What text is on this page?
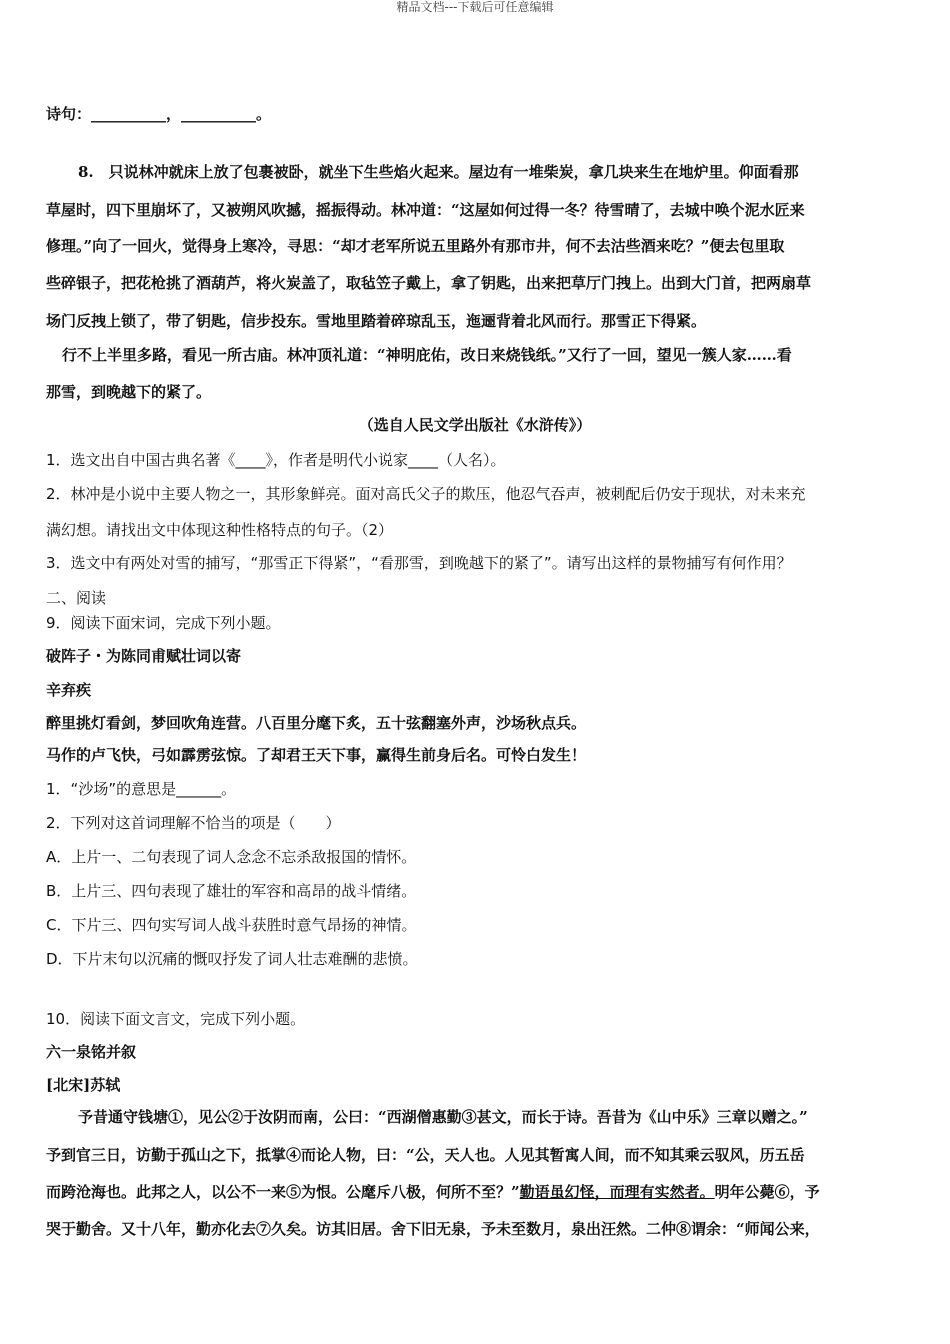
精品文档---下载后可任意编辑
诗句：__________，__________。
8.　只说林冲就床上放了包裹被卧，就坐下生些焰火起来。屋边有一堆柴炭，拿几块来生在地炉里。仰面看那
草屋时，四下里崩坏了，又被朔风吹撼，摇振得动。林冲道：“这屋如何过得一冬？待雪晴了，去城中唤个泥水匠来
修理。”向了一回火，觉得身上寒冷，寻思：“却才老军所说五里路外有那市井，何不去沽些酒来吃？”便去包里取
些碎银子，把花枪挑了酒葫芦，将火炭盖了，取毡笠子戴上，拿了钥匙，出来把草厅门拽上。出到大门首，把两扇草
场门反拽上锁了，带了钥匙，信步投东。雪地里踏着碎琼乱玉，迤逦背着北风而行。那雪正下得紧。
行不上半里多路，看见一所古庙。林冲顶礼道：“神明庇佑，改日来烧钱纸。”又行了一回，望见一簇人家……看
那雪，到晚越下的紧了。
（选自人民文学出版社《水浒传》）
1．选文出自中国古典名著《____》，作者是明代小说家____（人名）。
2．林冲是小说中主要人物之一，其形象鲜亮。面对高氏父子的欺压，他忍气吞声，被刺配后仍安于现状，对未来充
满幻想。请找出文中体现这种性格特点的句子。（2）
3．选文中有两处对雪的捕写，“那雪正下得紧”，“看那雪，到晚越下的紧了”。请写出这样的景物捕写有何作用？
二、阅读
9．阅读下面宋词，完成下列小题。
破阵子・为陈同甫赋壮词以寄
辛弃疾
醉里挑灯看剑，梦回吹角连营。八百里分麾下炙，五十弦翻塞外声，沙场秋点兵。
马作的卢飞快，弓如霹雳弦惊。了却君王天下事，赢得生前身后名。可怜白发生！
1．“沙场”的意思是______。
2．下列对这首词理解不恰当的项是（　　）
A．上片一、二句表现了词人念念不忘杀敌报国的情怀。
B．上片三、四句表现了雄壮的军容和高昂的战斗情绪。
C．下片三、四句实写词人战斗获胜时意气昂扬的神情。
D．下片末句以沉痛的慨叹抒发了词人壮志难酬的悲愤。
10．阅读下面文言文，完成下列小题。
六一泉铭并叙
[北宋]苏轼
予昔通守钱塘①，见公②于汝阴而南，公曰：“西湖僧惠勤③甚文，而长于诗。吾昔为《山中乐》三章以赠之。”
予到官三日，访勤于孤山之下，抵掌④而论人物，曰：“公，天人也。人见其暂寓人间，而不知其乘云驭风，历五岳
而跨沧海也。此邦之人，以公不一来⑤为恨。公麾斥八极，何所不至？”勤语虽幻怪，而理有实然者。明年公薨⑥，予
哭于勤舍。又十八年，勤亦化去⑦久矣。访其旧居。舍下旧无泉，予未至数月，泉出汪然。二仲⑧谓余：“师闻公来，
